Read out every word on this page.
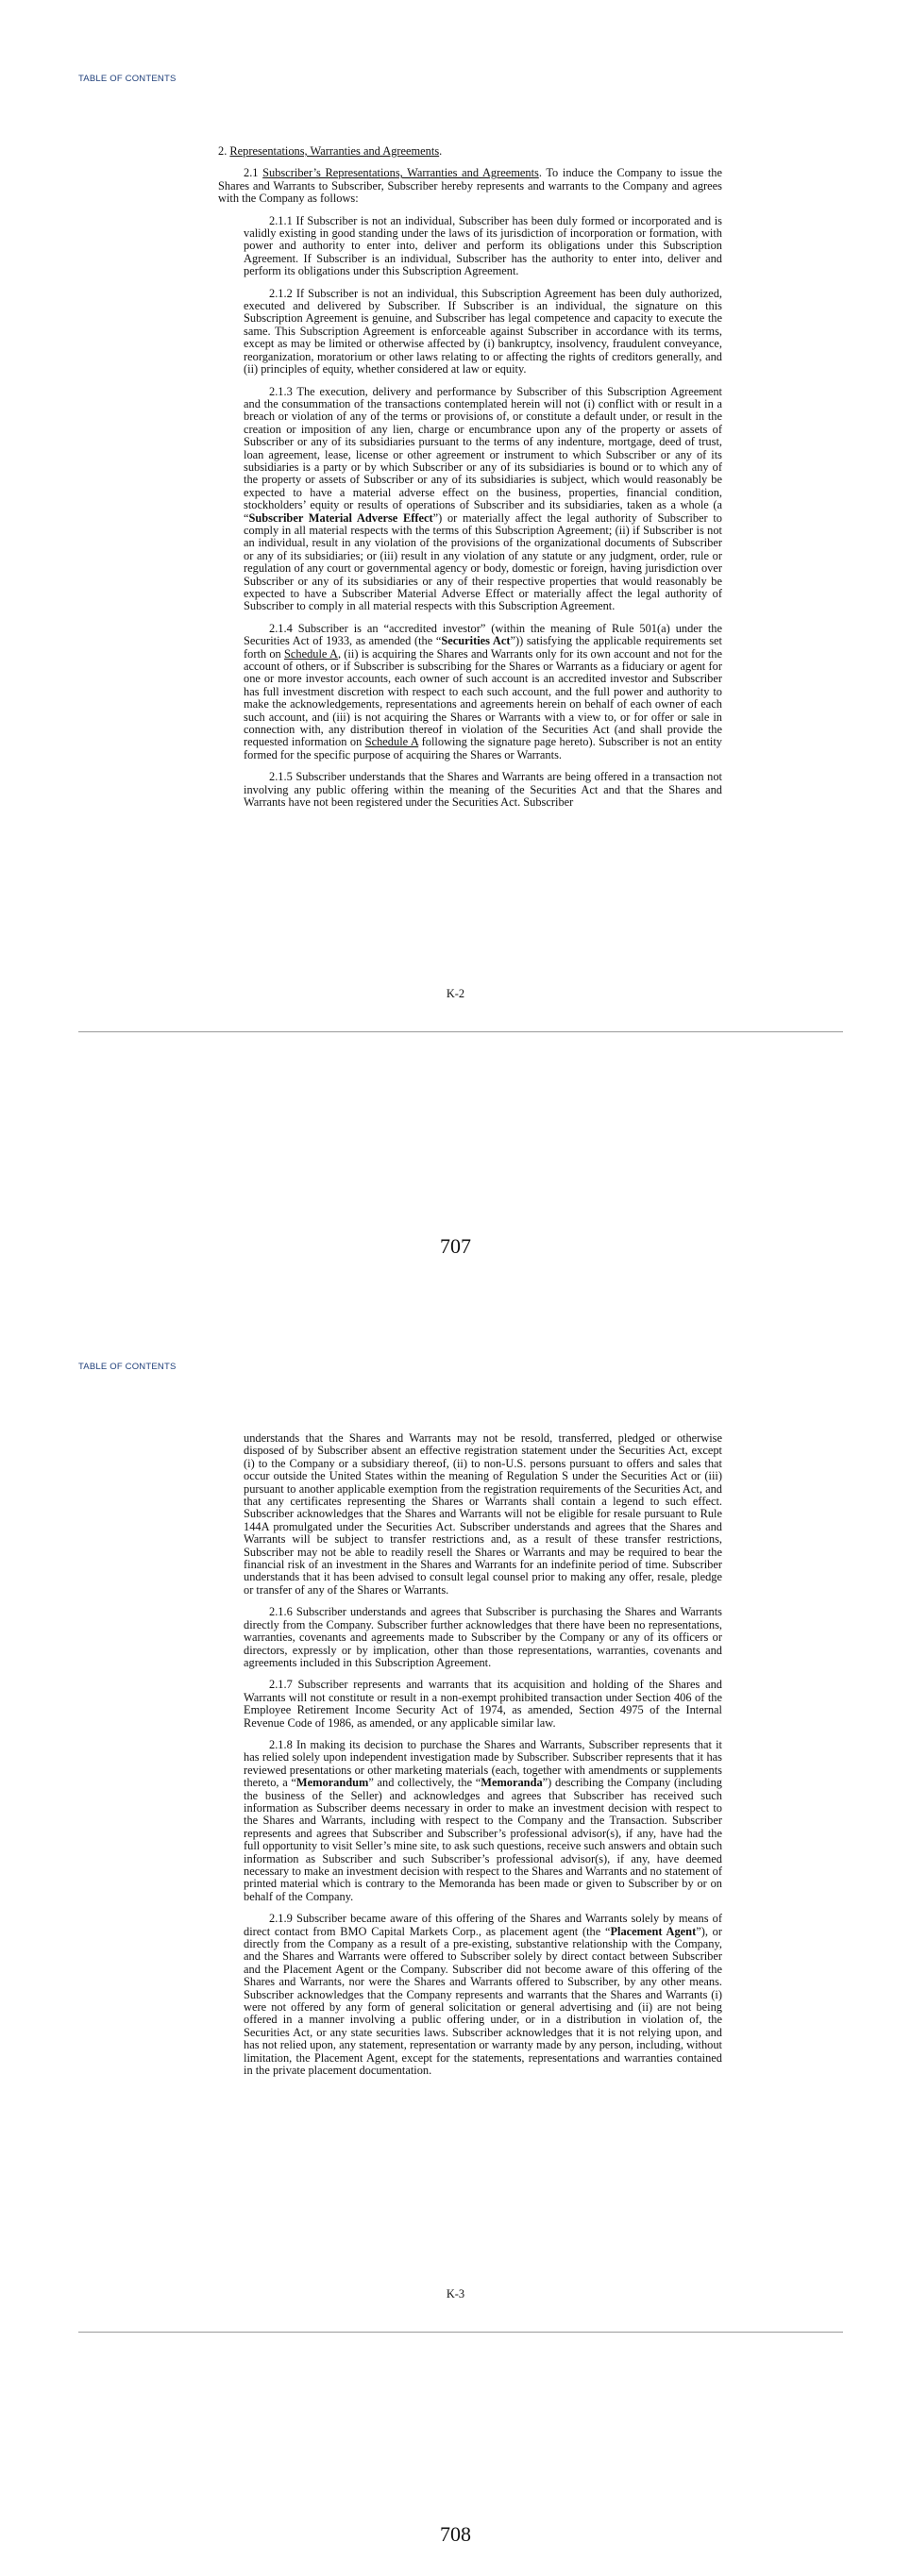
TABLE OF CONTENTS

2. Representations, Warranties and Agreements.

2.1 Subscriber’s Representations, Warranties and Agreements. To induce the Company to issue the Shares and Warrants to Subscriber, Subscriber hereby represents and warrants to the Company and agrees with the Company as follows:

2.1.1 If Subscriber is not an individual, Subscriber has been duly formed or incorporated and is validly existing in good standing under the laws of its jurisdiction of incorporation or formation, with power and authority to enter into, deliver and perform its obligations under this Subscription Agreement. If Subscriber is an individual, Subscriber has the authority to enter into, deliver and perform its obligations under this Subscription Agreement.

2.1.2 If Subscriber is not an individual, this Subscription Agreement has been duly authorized, executed and delivered by Subscriber. If Subscriber is an individual, the signature on this Subscription Agreement is genuine, and Subscriber has legal competence and capacity to execute the same. This Subscription Agreement is enforceable against Subscriber in accordance with its terms, except as may be limited or otherwise affected by (i) bankruptcy, insolvency, fraudulent conveyance, reorganization, moratorium or other laws relating to or affecting the rights of creditors generally, and (ii) principles of equity, whether considered at law or equity.

2.1.3 The execution, delivery and performance by Subscriber of this Subscription Agreement and the consummation of the transactions contemplated herein will not (i) conflict with or result in a breach or violation of any of the terms or provisions of, or constitute a default under, or result in the creation or imposition of any lien, charge or encumbrance upon any of the property or assets of Subscriber or any of its subsidiaries pursuant to the terms of any indenture, mortgage, deed of trust, loan agreement, lease, license or other agreement or instrument to which Subscriber or any of its subsidiaries is a party or by which Subscriber or any of its subsidiaries is bound or to which any of the property or assets of Subscriber or any of its subsidiaries is subject, which would reasonably be expected to have a material adverse effect on the business, properties, financial condition, stockholders’ equity or results of operations of Subscriber and its subsidiaries, taken as a whole (a “Subscriber Material Adverse Effect”) or materially affect the legal authority of Subscriber to comply in all material respects with the terms of this Subscription Agreement; (ii) if Subscriber is not an individual, result in any violation of the provisions of the organizational documents of Subscriber or any of its subsidiaries; or (iii) result in any violation of any statute or any judgment, order, rule or regulation of any court or governmental agency or body, domestic or foreign, having jurisdiction over Subscriber or any of its subsidiaries or any of their respective properties that would reasonably be expected to have a Subscriber Material Adverse Effect or materially affect the legal authority of Subscriber to comply in all material respects with this Subscription Agreement.

2.1.4 Subscriber is an “accredited investor” (within the meaning of Rule 501(a) under the Securities Act of 1933, as amended (the “Securities Act”)) satisfying the applicable requirements set forth on Schedule A, (ii) is acquiring the Shares and Warrants only for its own account and not for the account of others, or if Subscriber is subscribing for the Shares or Warrants as a fiduciary or agent for one or more investor accounts, each owner of such account is an accredited investor and Subscriber has full investment discretion with respect to each such account, and the full power and authority to make the acknowledgements, representations and agreements herein on behalf of each owner of each such account, and (iii) is not acquiring the Shares or Warrants with a view to, or for offer or sale in connection with, any distribution thereof in violation of the Securities Act (and shall provide the requested information on Schedule A following the signature page hereto). Subscriber is not an entity formed for the specific purpose of acquiring the Shares or Warrants.

2.1.5 Subscriber understands that the Shares and Warrants are being offered in a transaction not involving any public offering within the meaning of the Securities Act and that the Shares and Warrants have not been registered under the Securities Act. Subscriber

K-2
707
TABLE OF CONTENTS

understands that the Shares and Warrants may not be resold, transferred, pledged or otherwise disposed of by Subscriber absent an effective registration statement under the Securities Act, except (i) to the Company or a subsidiary thereof, (ii) to non-U.S. persons pursuant to offers and sales that occur outside the United States within the meaning of Regulation S under the Securities Act or (iii) pursuant to another applicable exemption from the registration requirements of the Securities Act, and that any certificates representing the Shares or Warrants shall contain a legend to such effect. Subscriber acknowledges that the Shares and Warrants will not be eligible for resale pursuant to Rule 144A promulgated under the Securities Act. Subscriber understands and agrees that the Shares and Warrants will be subject to transfer restrictions and, as a result of these transfer restrictions, Subscriber may not be able to readily resell the Shares or Warrants and may be required to bear the financial risk of an investment in the Shares and Warrants for an indefinite period of time. Subscriber understands that it has been advised to consult legal counsel prior to making any offer, resale, pledge or transfer of any of the Shares or Warrants.

2.1.6 Subscriber understands and agrees that Subscriber is purchasing the Shares and Warrants directly from the Company. Subscriber further acknowledges that there have been no representations, warranties, covenants and agreements made to Subscriber by the Company or any of its officers or directors, expressly or by implication, other than those representations, warranties, covenants and agreements included in this Subscription Agreement.

2.1.7 Subscriber represents and warrants that its acquisition and holding of the Shares and Warrants will not constitute or result in a non-exempt prohibited transaction under Section 406 of the Employee Retirement Income Security Act of 1974, as amended, Section 4975 of the Internal Revenue Code of 1986, as amended, or any applicable similar law.

2.1.8 In making its decision to purchase the Shares and Warrants, Subscriber represents that it has relied solely upon independent investigation made by Subscriber. Subscriber represents that it has reviewed presentations or other marketing materials (each, together with amendments or supplements thereto, a “Memorandum” and collectively, the “Memoranda”) describing the Company (including the business of the Seller) and acknowledges and agrees that Subscriber has received such information as Subscriber deems necessary in order to make an investment decision with respect to the Shares and Warrants, including with respect to the Company and the Transaction. Subscriber represents and agrees that Subscriber and Subscriber’s professional advisor(s), if any, have had the full opportunity to visit Seller’s mine site, to ask such questions, receive such answers and obtain such information as Subscriber and such Subscriber’s professional advisor(s), if any, have deemed necessary to make an investment decision with respect to the Shares and Warrants and no statement of printed material which is contrary to the Memoranda has been made or given to Subscriber by or on behalf of the Company.

2.1.9 Subscriber became aware of this offering of the Shares and Warrants solely by means of direct contact from BMO Capital Markets Corp., as placement agent (the “Placement Agent”), or directly from the Company as a result of a pre-existing, substantive relationship with the Company, and the Shares and Warrants were offered to Subscriber solely by direct contact between Subscriber and the Placement Agent or the Company. Subscriber did not become aware of this offering of the Shares and Warrants, nor were the Shares and Warrants offered to Subscriber, by any other means. Subscriber acknowledges that the Company represents and warrants that the Shares and Warrants (i) were not offered by any form of general solicitation or general advertising and (ii) are not being offered in a manner involving a public offering under, or in a distribution in violation of, the Securities Act, or any state securities laws. Subscriber acknowledges that it is not relying upon, and has not relied upon, any statement, representation or warranty made by any person, including, without limitation, the Placement Agent, except for the statements, representations and warranties contained in the private placement documentation.

K-3
708
